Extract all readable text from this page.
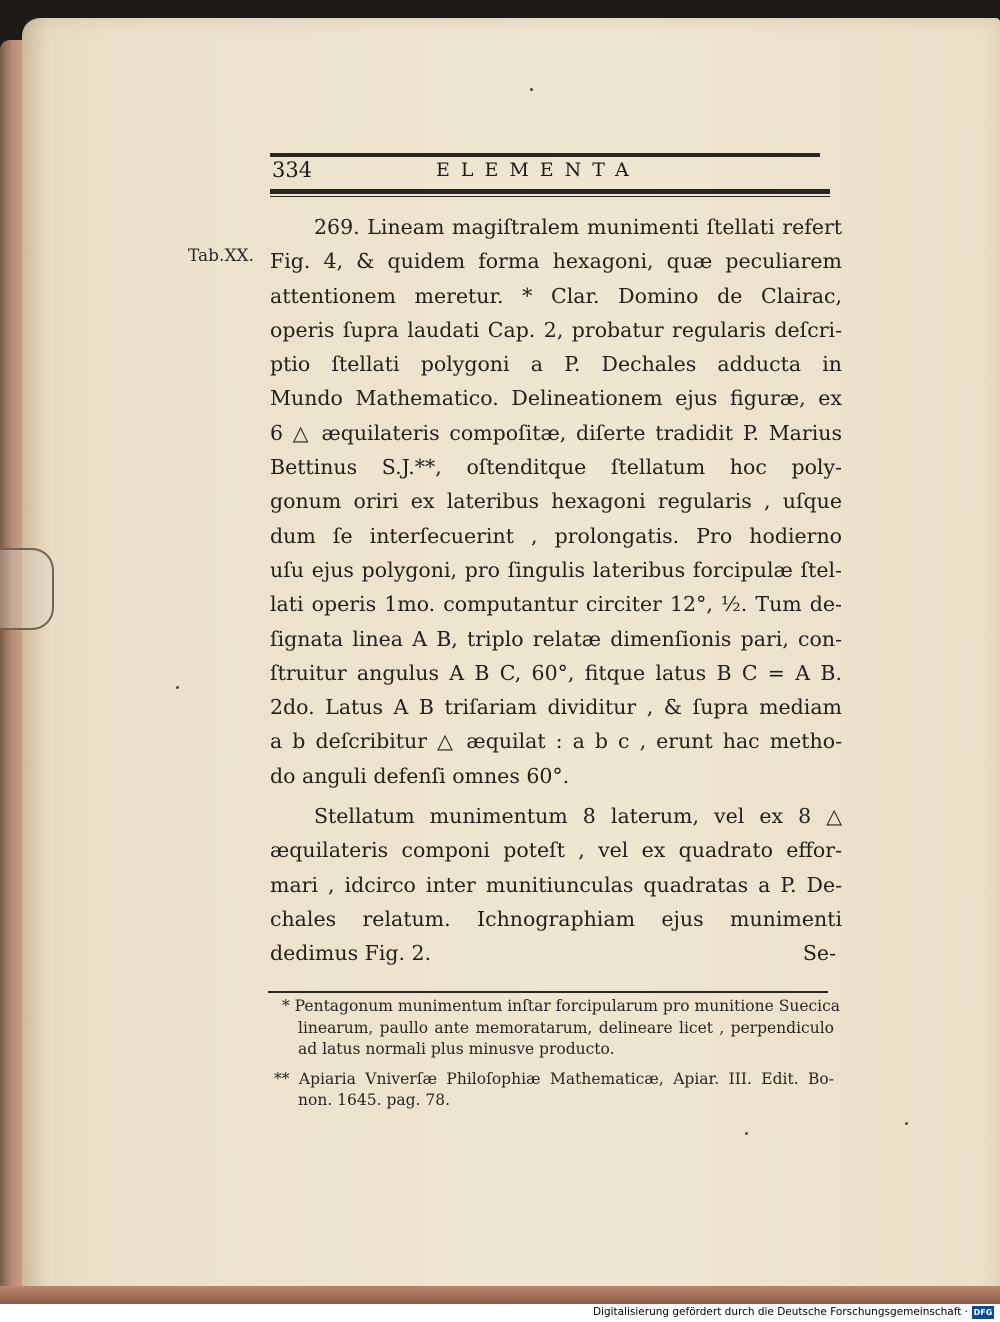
334	ELEMENTA
Tab.XX.
269. Lineam magiſtralem munimenti ſtellati refert
Fig. 4, & quidem forma hexagoni, quæ peculiarem
attentionem meretur. * Clar. Domino de Clairac,
operis ſupra laudati Cap. 2, probatur regularis deſcri-
ptio ſtellati polygoni a P. Dechales adducta in
Mundo Mathematico. Delineationem ejus figuræ, ex
6 △ æquilateris compoſitæ, diſerte tradidit P. Marius
Bettinus S.J.**, oſtenditque ſtellatum hoc poly-
gonum oriri ex lateribus hexagoni regularis , uſque
dum ſe interſecuerint , prolongatis. Pro hodierno
uſu ejus polygoni, pro ſingulis lateribus forcipulæ ſtel-
lati operis 1mo. computantur circiter 12°, ½. Tum de-
ſignata linea A B, triplo relatæ dimenſionis pari, con-
ſtruitur angulus A B C, 60°, fitque latus B C = A B.
2do. Latus A B triſariam dividitur , & ſupra mediam
a b deſcribitur △ æquilat : a b c , erunt hac metho-
do anguli defenſi omnes 60°.
Stellatum munimentum 8 laterum, vel ex 8 △
æquilateris componi poteſt , vel ex quadrato effor-
mari , idcirco inter munitiunculas quadratas a P. De-
chales relatum. Ichnographiam ejus munimenti
dedimus Fig. 2.	Se-
* Pentagonum munimentum inſtar forcipularum pro munitione Suecica
linearum, paullo ante memoratarum, delineare licet , perpendiculo
ad latus normali plus minusve producto.
** Apiaria Vniverſæ Philoſophiæ Mathematicæ, Apiar. III. Edit. Bo-
non. 1645. pag. 78.
Digitalisierung gefördert durch die Deutsche Forschungsgemeinschaft · DFG
